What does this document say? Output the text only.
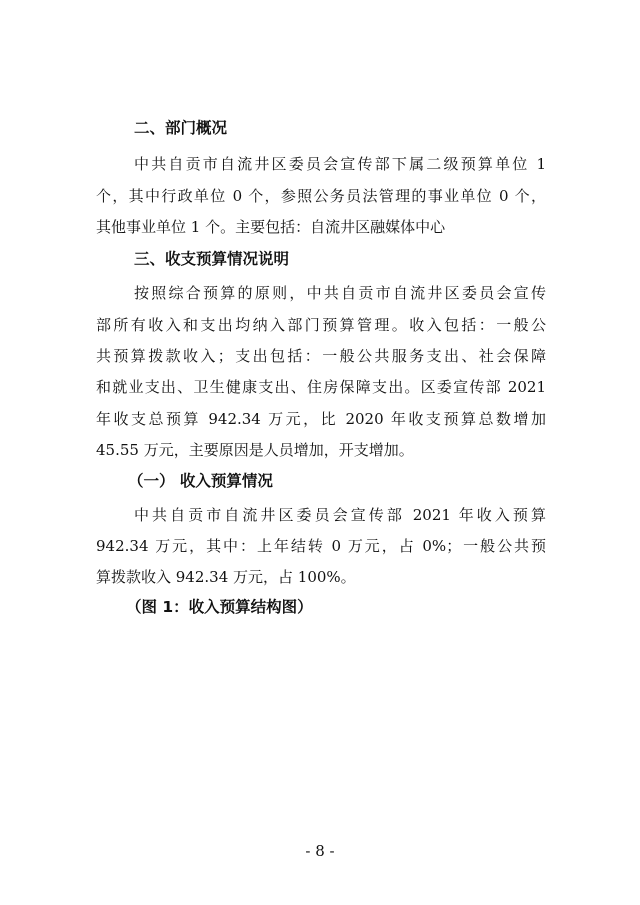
二、部门概况
中共自贡市自流井区委员会宣传部下属二级预算单位 1
个，其中行政单位 0 个，参照公务员法管理的事业单位 0 个，
其他事业单位 1 个。主要包括：自流井区融媒体中心
三、收支预算情况说明
按照综合预算的原则，中共自贡市自流井区委员会宣传
部所有收入和支出均纳入部门预算管理。收入包括：一般公
共预算拨款收入；支出包括：一般公共服务支出、社会保障
和就业支出、卫生健康支出、住房保障支出。区委宣传部 2021
年收支总预算 942.34 万元，比 2020 年收支预算总数增加
45.55 万元，主要原因是人员增加，开支增加。
（一） 收入预算情况
中共自贡市自流井区委员会宣传部 2021 年收入预算
942.34 万元，其中：上年结转 0 万元，占 0%；一般公共预
算拨款收入 942.34 万元，占 100%。
（图 1：收入预算结构图）
- 8 -
